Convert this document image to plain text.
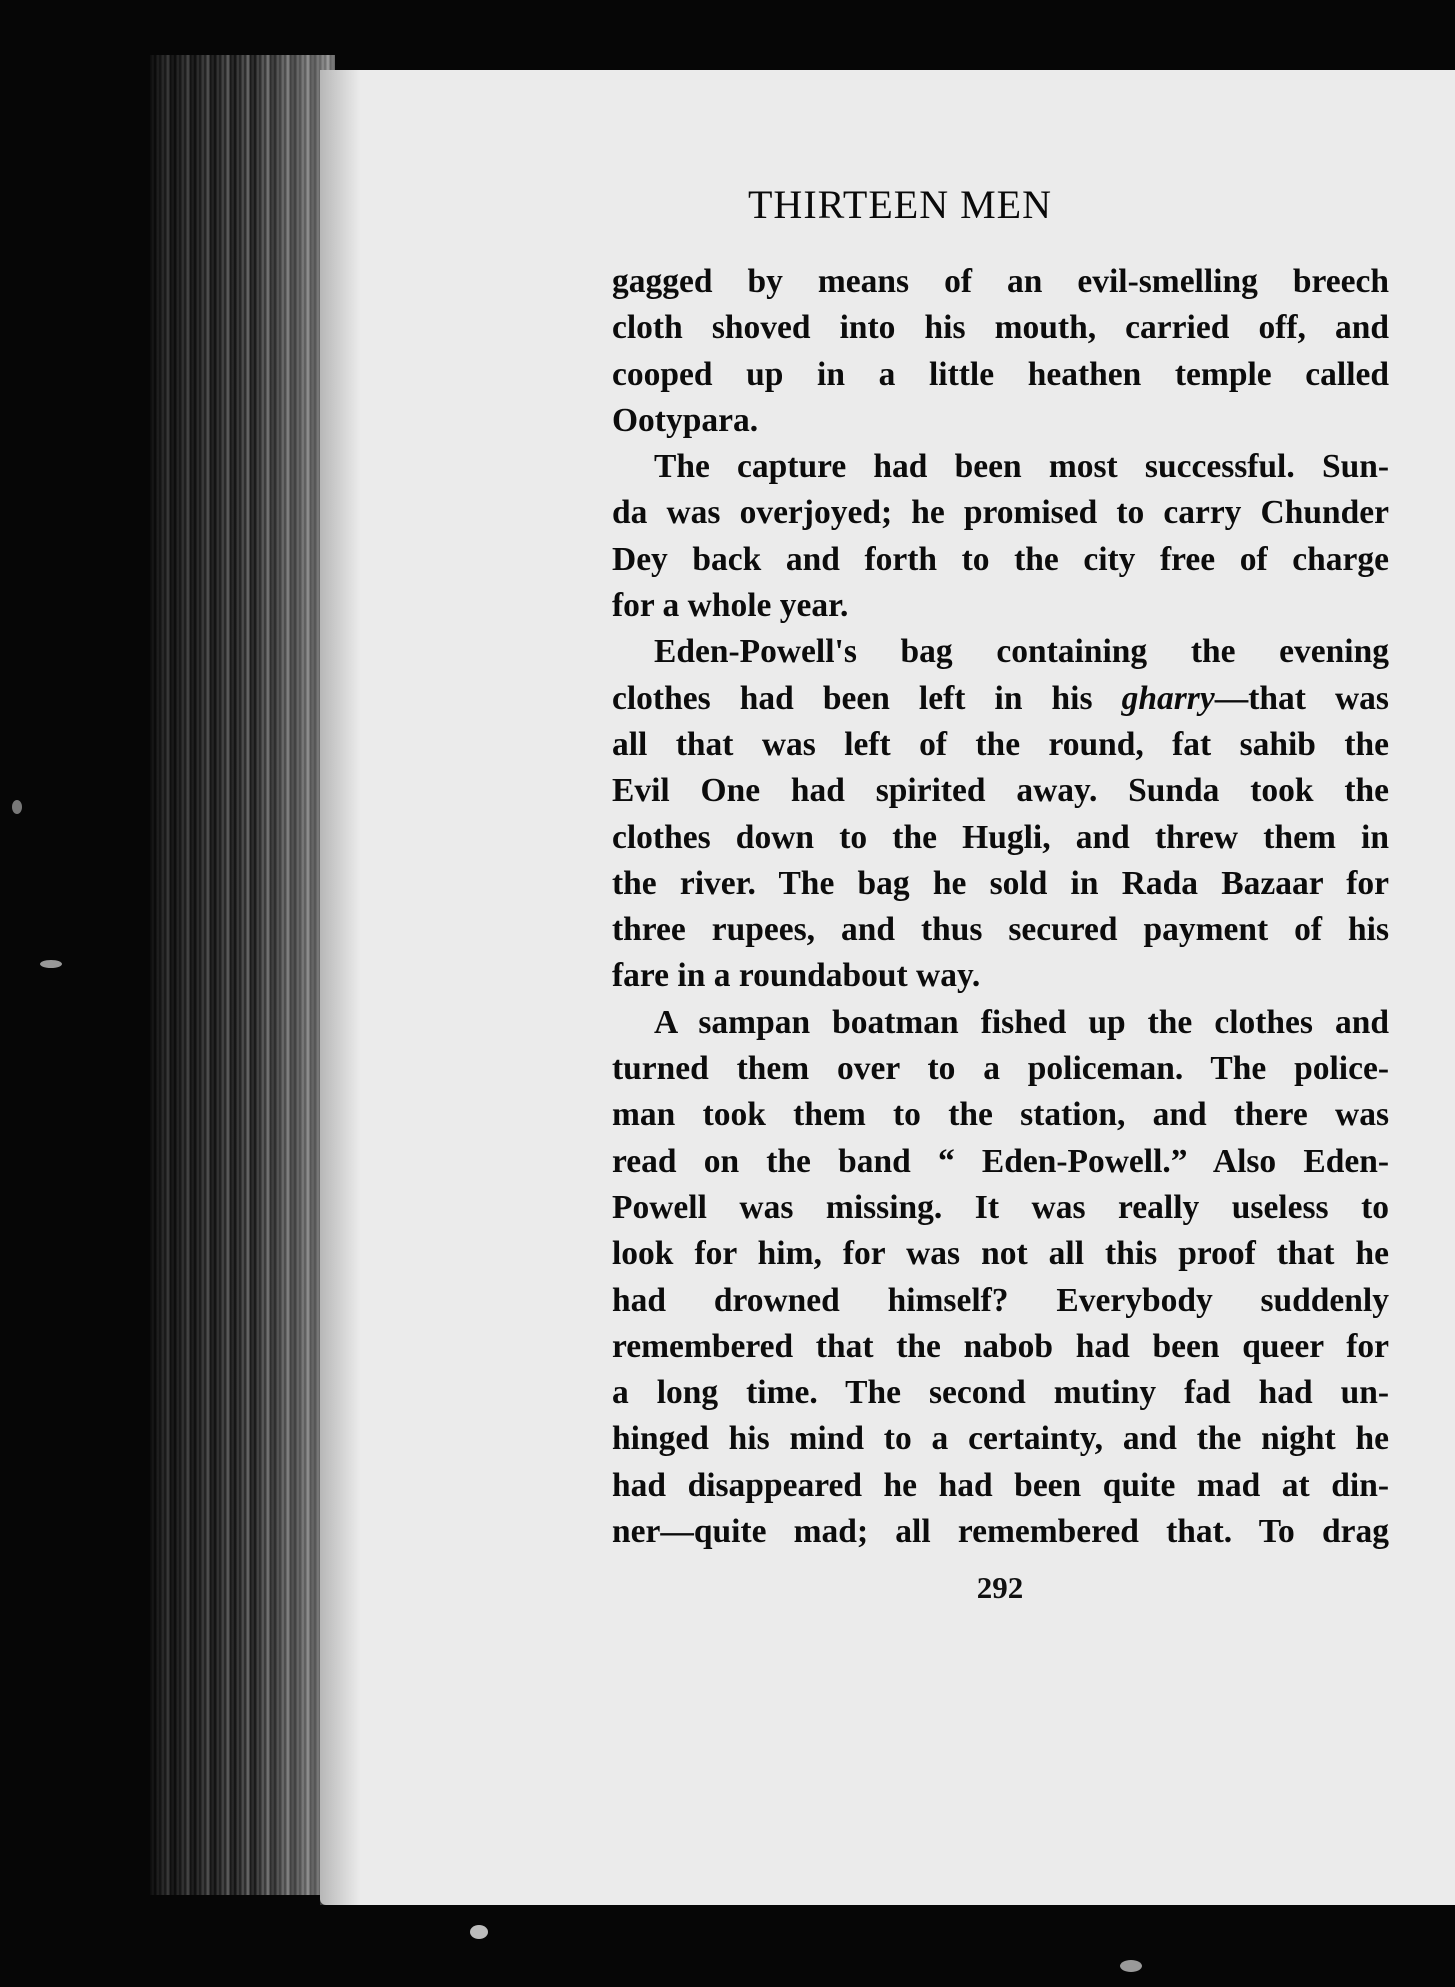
THIRTEEN MEN
gagged by means of an evil-smelling breech
cloth shoved into his mouth, carried off, and
cooped up in a little heathen temple called
Ootypara.
The capture had been most successful. Sun-
da was overjoyed; he promised to carry Chunder
Dey back and forth to the city free of charge
for a whole year.
Eden-Powell's bag containing the evening
clothes had been left in his gharry—that was
all that was left of the round, fat sahib the
Evil One had spirited away. Sunda took the
clothes down to the Hugli, and threw them in
the river. The bag he sold in Rada Bazaar for
three rupees, and thus secured payment of his
fare in a roundabout way.
A sampan boatman fished up the clothes and
turned them over to a policeman. The police-
man took them to the station, and there was
read on the band “ Eden-Powell.” Also Eden-
Powell was missing. It was really useless to
look for him, for was not all this proof that he
had drowned himself? Everybody suddenly
remembered that the nabob had been queer for
a long time. The second mutiny fad had un-
hinged his mind to a certainty, and the night he
had disappeared he had been quite mad at din-
ner—quite mad; all remembered that. To drag
292
